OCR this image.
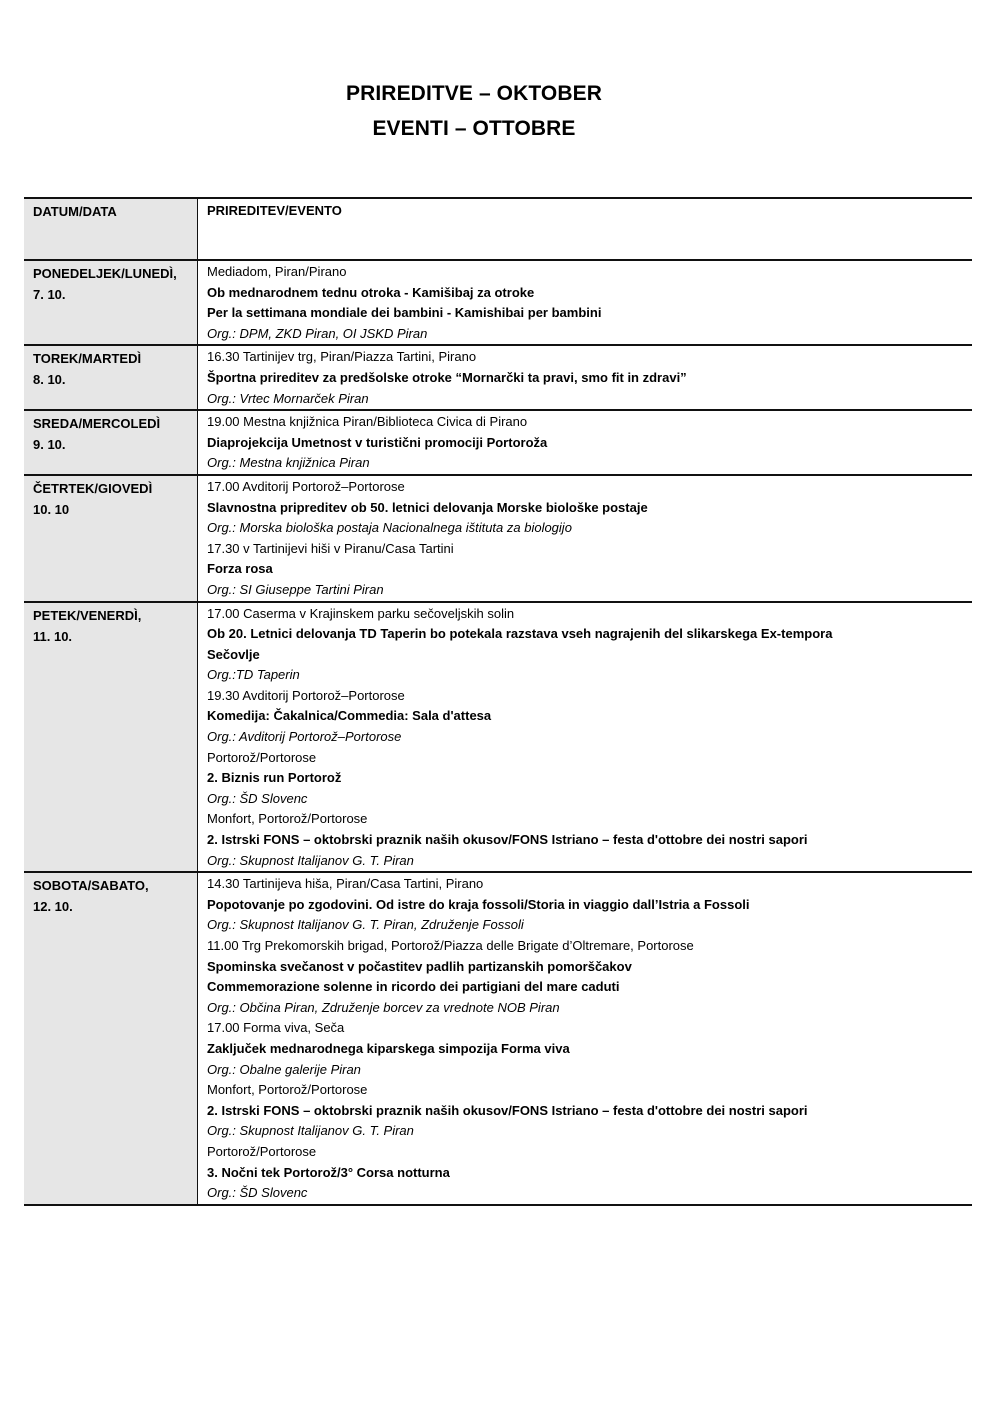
PRIREDITVE – OKTOBER
EVENTI – OTTOBRE
DATUM/DATA	PRIREDITEV/EVENTO
PONEDELJEK/LUNEDÌ,
7. 10.
Mediadom, Piran/Pirano
Ob mednarodnem tednu otroka - Kamišibaj za otroke
Per la settimana mondiale dei bambini - Kamishibai per bambini
Org.: DPM, ZKD Piran, OI JSKD Piran
TOREK/MARTEDÌ
8. 10.
16.30 Tartinijev trg, Piran/Piazza Tartini, Pirano
Športna prireditev za predšolske otroke “Mornarčki ta pravi, smo fit in zdravi”
Org.: Vrtec Mornarček Piran
SREDA/MERCOLEDÌ
9. 10.
19.00 Mestna knjižnica Piran/Biblioteca Civica di Pirano
Diaprojekcija Umetnost v turistični promociji Portoroža
Org.: Mestna knjižnica Piran
ČETRTEK/GIOVEDÌ
10. 10
17.00 Avditorij Portorož–Portorose
Slavnostna pripreditev ob 50. letnici delovanja Morske biološke postaje
Org.: Morska biološka postaja Nacionalnega ištituta za biologijo
17.30 v Tartinijevi hiši v Piranu/Casa Tartini
Forza rosa
Org.: SI Giuseppe Tartini Piran
PETEK/VENERDÌ,
11. 10.
17.00 Caserma v Krajinskem parku sečoveljskih solin
Ob 20. Letnici delovanja TD Taperin bo potekala razstava vseh nagrajenih del slikarskega Ex-tempora
Sečovlje
Org.:TD Taperin
19.30 Avditorij Portorož–Portorose
Komedija: Čakalnica/Commedia: Sala d'attesa
Org.: Avditorij Portorož–Portorose
Portorož/Portorose
2. Biznis run Portorož
Org.: ŠD Slovenc
Monfort, Portorož/Portorose
2. Istrski FONS – oktobrski praznik naših okusov/FONS Istriano – festa d'ottobre dei nostri sapori
Org.: Skupnost Italijanov G. T. Piran
SOBOTA/SABATO,
12. 10.
14.30 Tartinijeva hiša, Piran/Casa Tartini, Pirano
Popotovanje po zgodovini. Od istre do kraja fossoli/Storia in viaggio dall’Istria a Fossoli
Org.: Skupnost Italijanov G. T. Piran, Združenje Fossoli
11.00 Trg Prekomorskih brigad, Portorož/Piazza delle Brigate d’Oltremare, Portorose
Spominska svečanost v počastitev padlih partizanskih pomorščakov
Commemorazione solenne in ricordo dei partigiani del mare caduti
Org.: Občina Piran, Združenje borcev za vrednote NOB Piran
17.00 Forma viva, Seča
Zaključek mednarodnega kiparskega simpozija Forma viva
Org.: Obalne galerije Piran
Monfort, Portorož/Portorose
2. Istrski FONS – oktobrski praznik naših okusov/FONS Istriano – festa d'ottobre dei nostri sapori
Org.: Skupnost Italijanov G. T. Piran
Portorož/Portorose
3. Nočni tek Portorož/3° Corsa notturna
Org.: ŠD Slovenc
